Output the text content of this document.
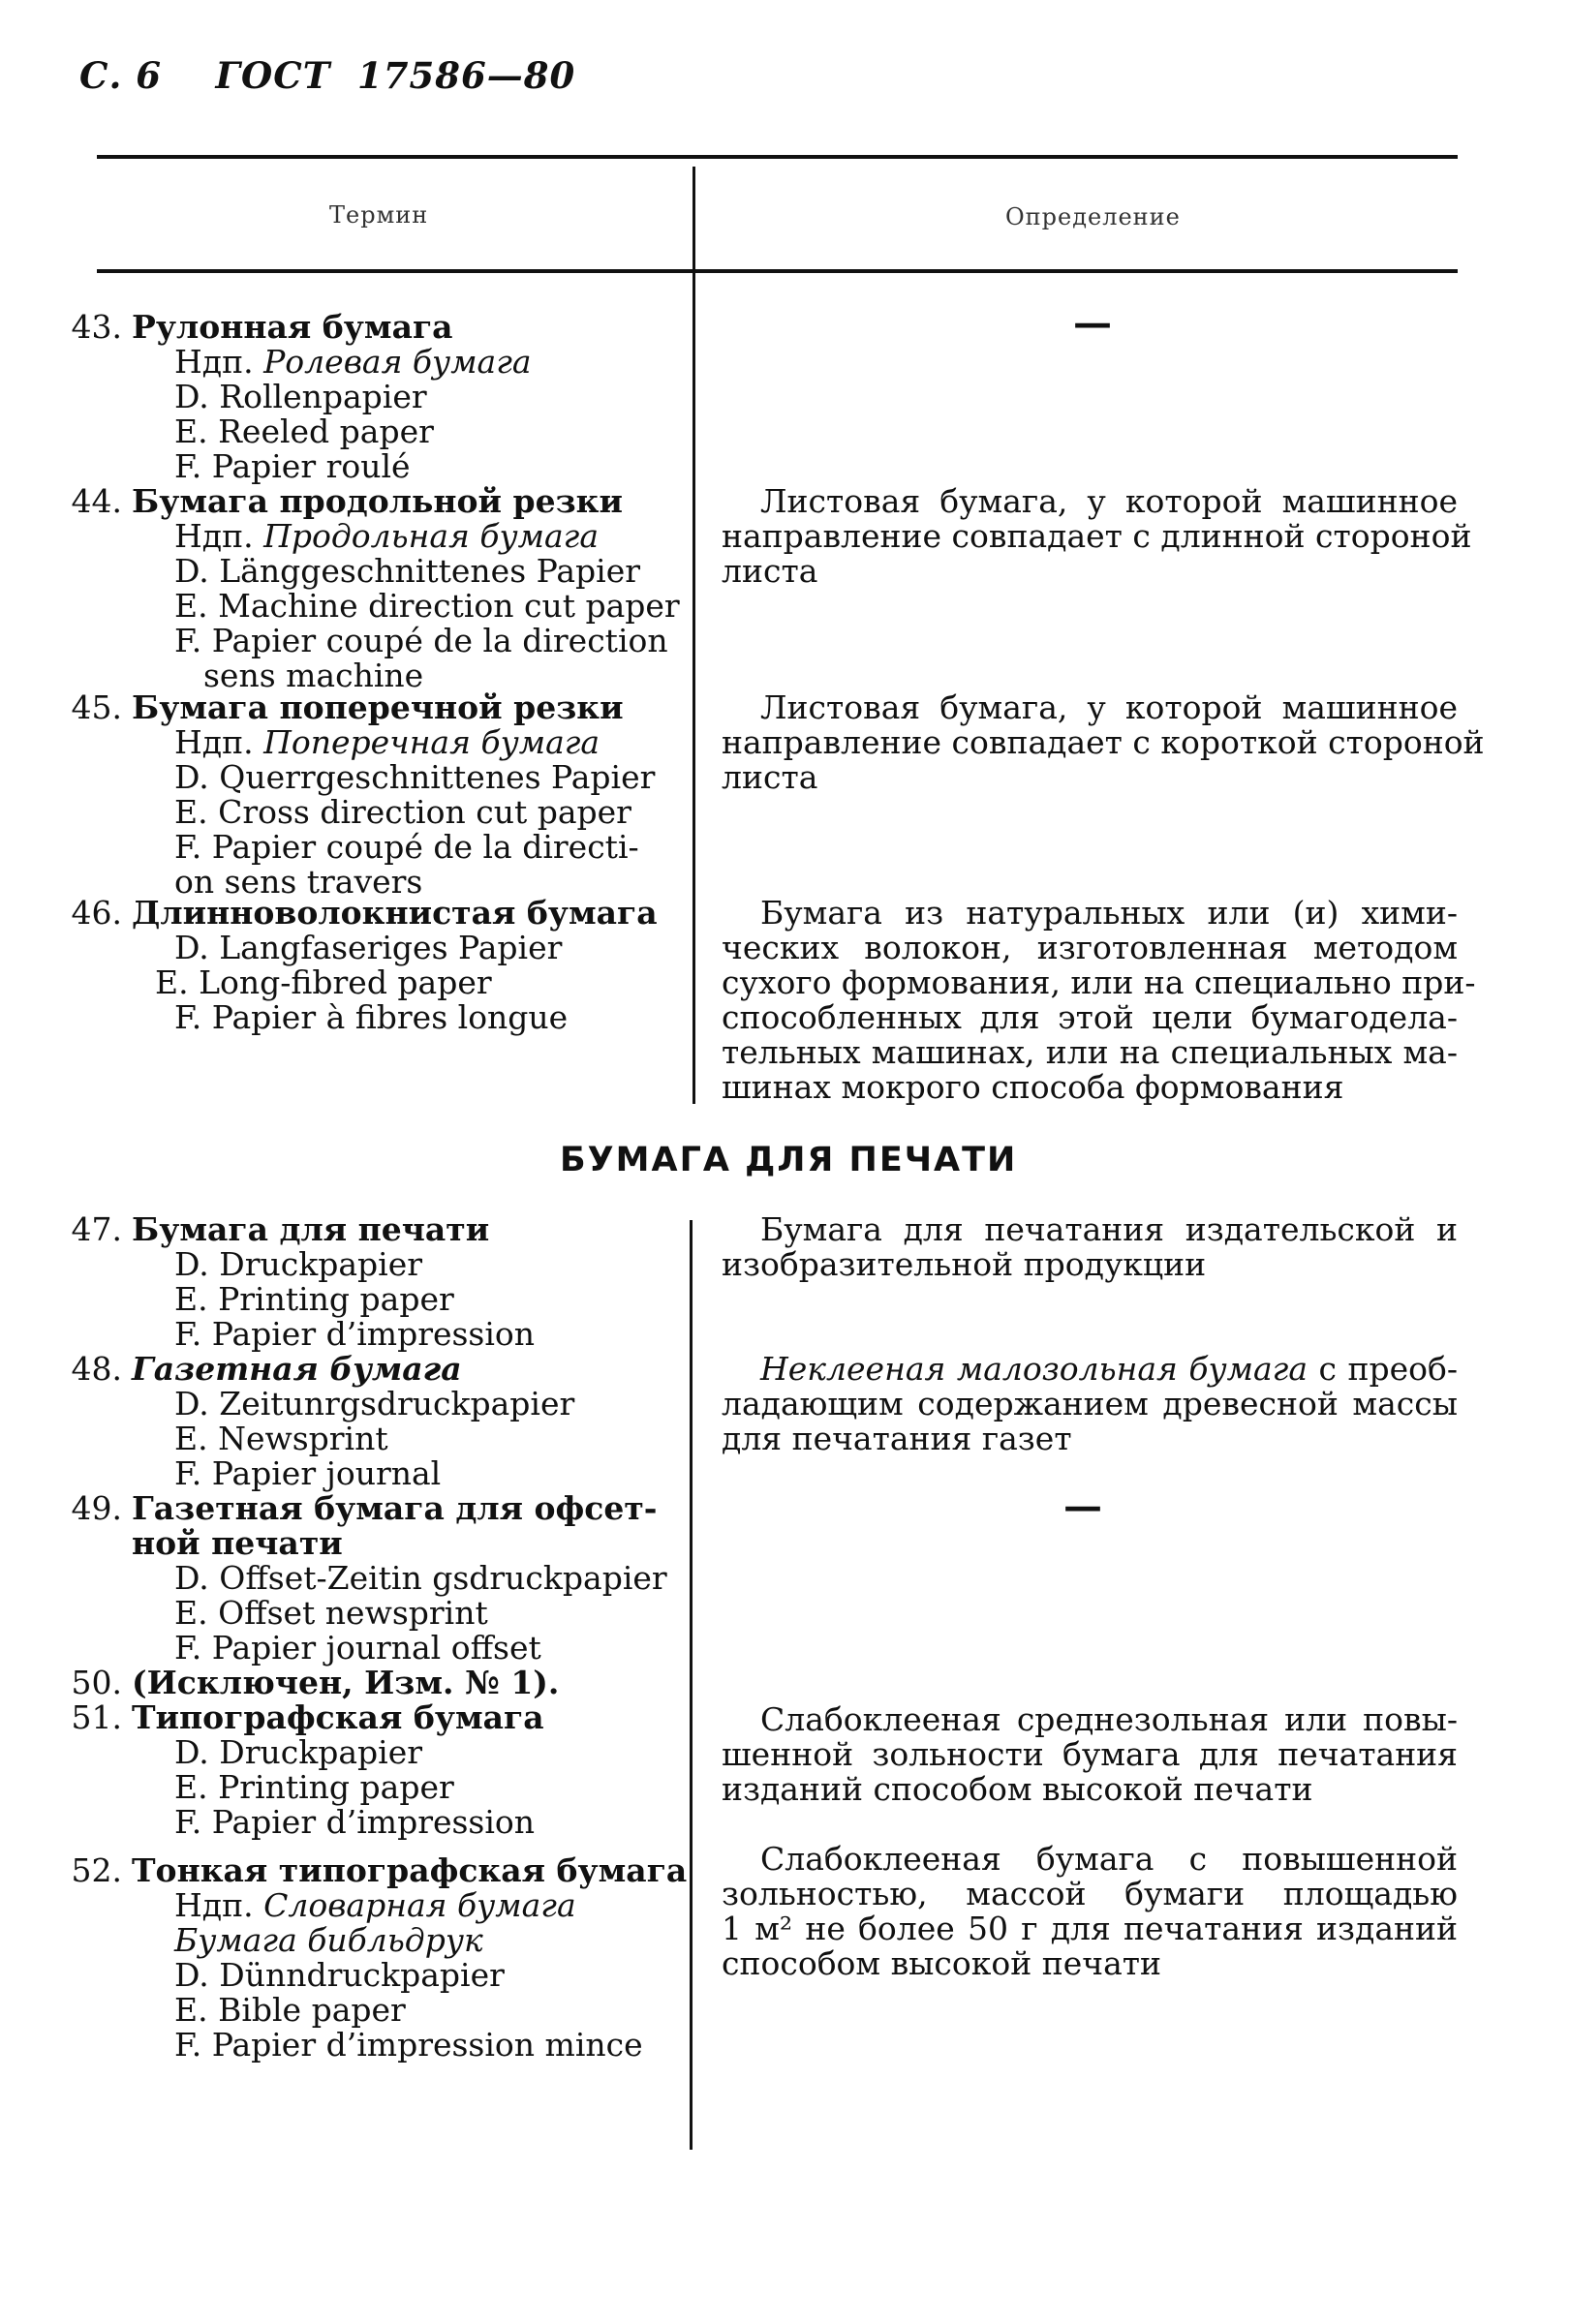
С. 6 ГОСТ  17586—80
Термин	Определение
43. Рулонная бумага
Ндп. Ролевая бумага
D. Rollenpapier
E. Reeled paper
F. Papier roulé
—
44. Бумага продольной резки
Ндп. Продольная бумага
D. Länggeschnittenes Papier
E. Machine direction cut paper
F. Papier coupé de la direction
sens machine
Листовая бумага, у которой машинное
направление совпадает с длинной стороной
листа
45. Бумага поперечной резки
Ндп. Поперечная бумага
D. Querrgeschnittenes Papier
E. Cross direction cut paper
F. Papier coupé de la directi-
on sens travers
Листовая бумага, у которой машинное
направление совпадает с короткой стороной
листа
46. Длинноволокнистая бумага
D. Langfaseriges Papier
E. Long-fibred paper
F. Papier à fibres longue
Бумага из натуральных или (и) хими-
ческих волокон, изготовленная методом
сухого формования, или на специально при-
способленных для этой цели бумагодела-
тельных машинах, или на специальных ма-
шинах мокрого способа формования
БУМАГА ДЛЯ ПЕЧАТИ
47. Бумага для печати
D. Druckpapier
E. Printing paper
F. Papier d’impression
Бумага для печатания издательской и
изобразительной продукции
48. Газетная бумага
D. Zeitunrgsdruckpapier
E. Newsprint
F. Papier journal
Неклееная малозольная бумага с преоб-
ладающим содержанием древесной массы
для печатания газет
49. Газетная бумага для офсет-
ной печати
D. Offset-Zeitin gsdruckpapier
E. Offset newsprint
F. Papier journal offset
—
50. (Исключен, Изм. № 1).
51. Типографская бумага
D. Druckpapier
E. Printing paper
F. Papier d’impression
Слабоклееная среднезольная или повы-
шенной зольности бумага для печатания
изданий способом высокой печати
52. Тонкая типографская бумага
Ндп. Словарная бумага
Бумага библьдрук
D. Dünndruckpapier
E. Bible paper
F. Papier d’impression mince
Слабоклееная бумага с повышенной
зольностью, массой бумаги площадью
1 м² не более 50 г для печатания изданий
способом высокой печати
